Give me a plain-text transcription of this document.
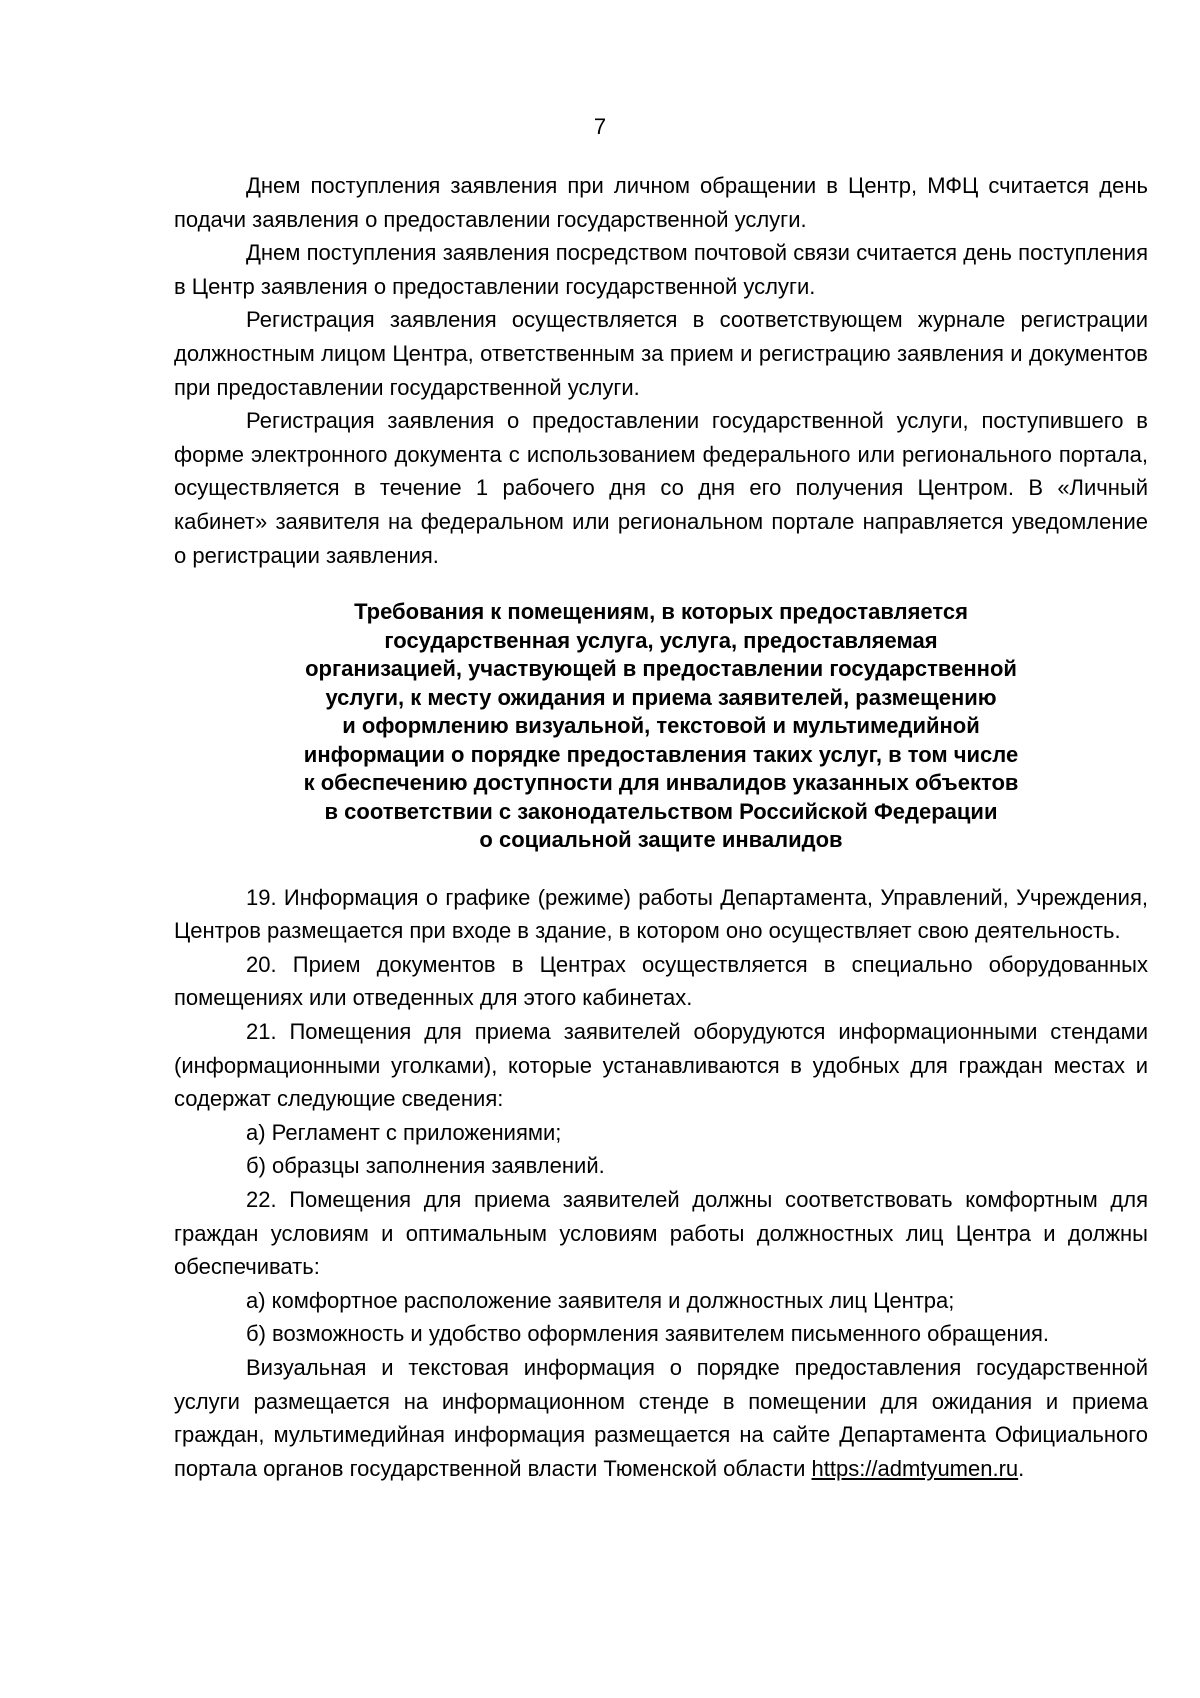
7

Днем поступления заявления при личном обращении в Центр, МФЦ считается день подачи заявления о предоставлении государственной услуги.

Днем поступления заявления посредством почтовой связи считается день поступления в Центр заявления о предоставлении государственной услуги.

Регистрация заявления осуществляется в соответствующем журнале регистрации должностным лицом Центра, ответственным за прием и регистрацию заявления и документов при предоставлении государственной услуги.

Регистрация заявления о предоставлении государственной услуги, поступившего в форме электронного документа с использованием федерального или регионального портала, осуществляется в течение 1 рабочего дня со дня его получения Центром. В «Личный кабинет» заявителя на федеральном или региональном портале направляется уведомление о регистрации заявления.

Требования к помещениям, в которых предоставляется
государственная услуга, услуга, предоставляемая
организацией, участвующей в предоставлении государственной
услуги, к месту ожидания и приема заявителей, размещению
и оформлению визуальной, текстовой и мультимедийной
информации о порядке предоставления таких услуг, в том числе
к обеспечению доступности для инвалидов указанных объектов
в соответствии с законодательством Российской Федерации
о социальной защите инвалидов

19. Информация о графике (режиме) работы Департамента, Управлений, Учреждения, Центров размещается при входе в здание, в котором оно осуществляет свою деятельность.

20. Прием документов в Центрах осуществляется в специально оборудованных помещениях или отведенных для этого кабинетах.

21. Помещения для приема заявителей оборудуются информационными стендами (информационными уголками), которые устанавливаются в удобных для граждан местах и содержат следующие сведения:

а) Регламент с приложениями;

б) образцы заполнения заявлений.

22. Помещения для приема заявителей должны соответствовать комфортным для граждан условиям и оптимальным условиям работы должностных лиц Центра и должны обеспечивать:

а) комфортное расположение заявителя и должностных лиц Центра;

б) возможность и удобство оформления заявителем письменного обращения.

Визуальная и текстовая информация о порядке предоставления государственной услуги размещается на информационном стенде в помещении для ожидания и приема граждан, мультимедийная информация размещается на сайте Департамента Официального портала органов государственной власти Тюменской области https://admtyumen.ru.
